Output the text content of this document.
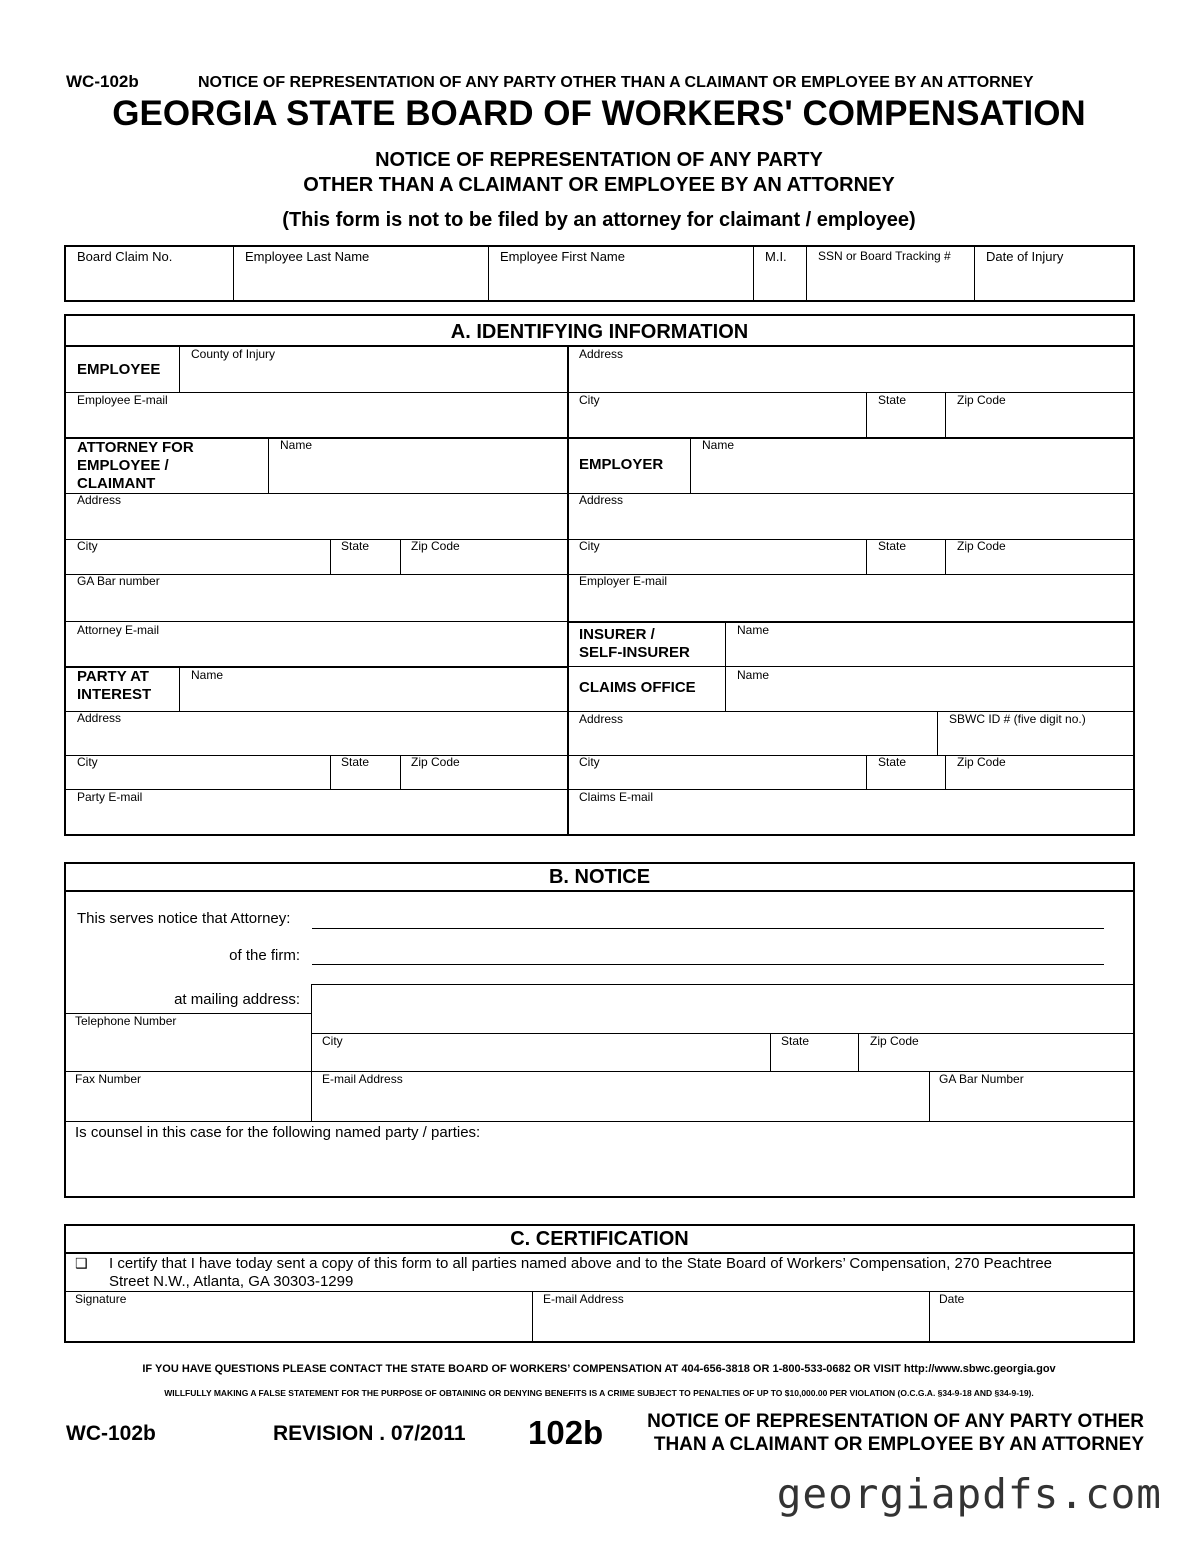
WC-102b	NOTICE OF REPRESENTATION OF ANY PARTY OTHER THAN A CLAIMANT OR EMPLOYEE BY AN ATTORNEY
GEORGIA STATE BOARD OF WORKERS' COMPENSATION
NOTICE OF REPRESENTATION OF ANY PARTY
OTHER THAN A CLAIMANT OR EMPLOYEE BY AN ATTORNEY
(This form is not to be filed by an attorney for claimant / employee)
Board Claim No.	Employee Last Name	Employee First Name	M.I.	SSN or Board Tracking #	Date of Injury
A. IDENTIFYING INFORMATION
EMPLOYEE
County of Injury
Employee E-mail
ATTORNEY FOR
EMPLOYEE /
CLAIMANT
Name
Address
City	State	Zip Code
GA Bar number
Attorney E-mail
PARTY AT
INTEREST
Name
Address
City	State	Zip Code
Party E-mail
Address
City	State	Zip Code
EMPLOYER
Name
Address
City	State	Zip Code
Employer E-mail
INSURER /
SELF-INSURER
Name
CLAIMS OFFICE
Name
Address	SBWC ID # (five digit no.)
City	State	Zip Code
Claims E-mail
B. NOTICE
This serves notice that Attorney:
of the firm:
at mailing address:
Telephone Number
City	State	Zip Code
Fax Number	E-mail Address	GA Bar Number
Is counsel in this case for the following named party / parties:
C. CERTIFICATION
❑ I certify that I have today sent a copy of this form to all parties named above and to the State Board of Workers’ Compensation, 270 Peachtree
Street N.W., Atlanta, GA 30303-1299
Signature	E-mail Address	Date
IF YOU HAVE QUESTIONS PLEASE CONTACT THE STATE BOARD OF WORKERS’ COMPENSATION AT 404-656-3818 OR 1-800-533-0682 OR VISIT http://www.sbwc.georgia.gov
WILLFULLY MAKING A FALSE STATEMENT FOR THE PURPOSE OF OBTAINING OR DENYING BENEFITS IS A CRIME SUBJECT TO PENALTIES OF UP TO $10,000.00 PER VIOLATION (O.C.G.A. §34-9-18 AND §34-9-19).
WC-102b	REVISION . 07/2011 102b NOTICE OF REPRESENTATION OF ANY PARTY OTHER
THAN A CLAIMANT OR EMPLOYEE BY AN ATTORNEY
georgiapdfs.com
